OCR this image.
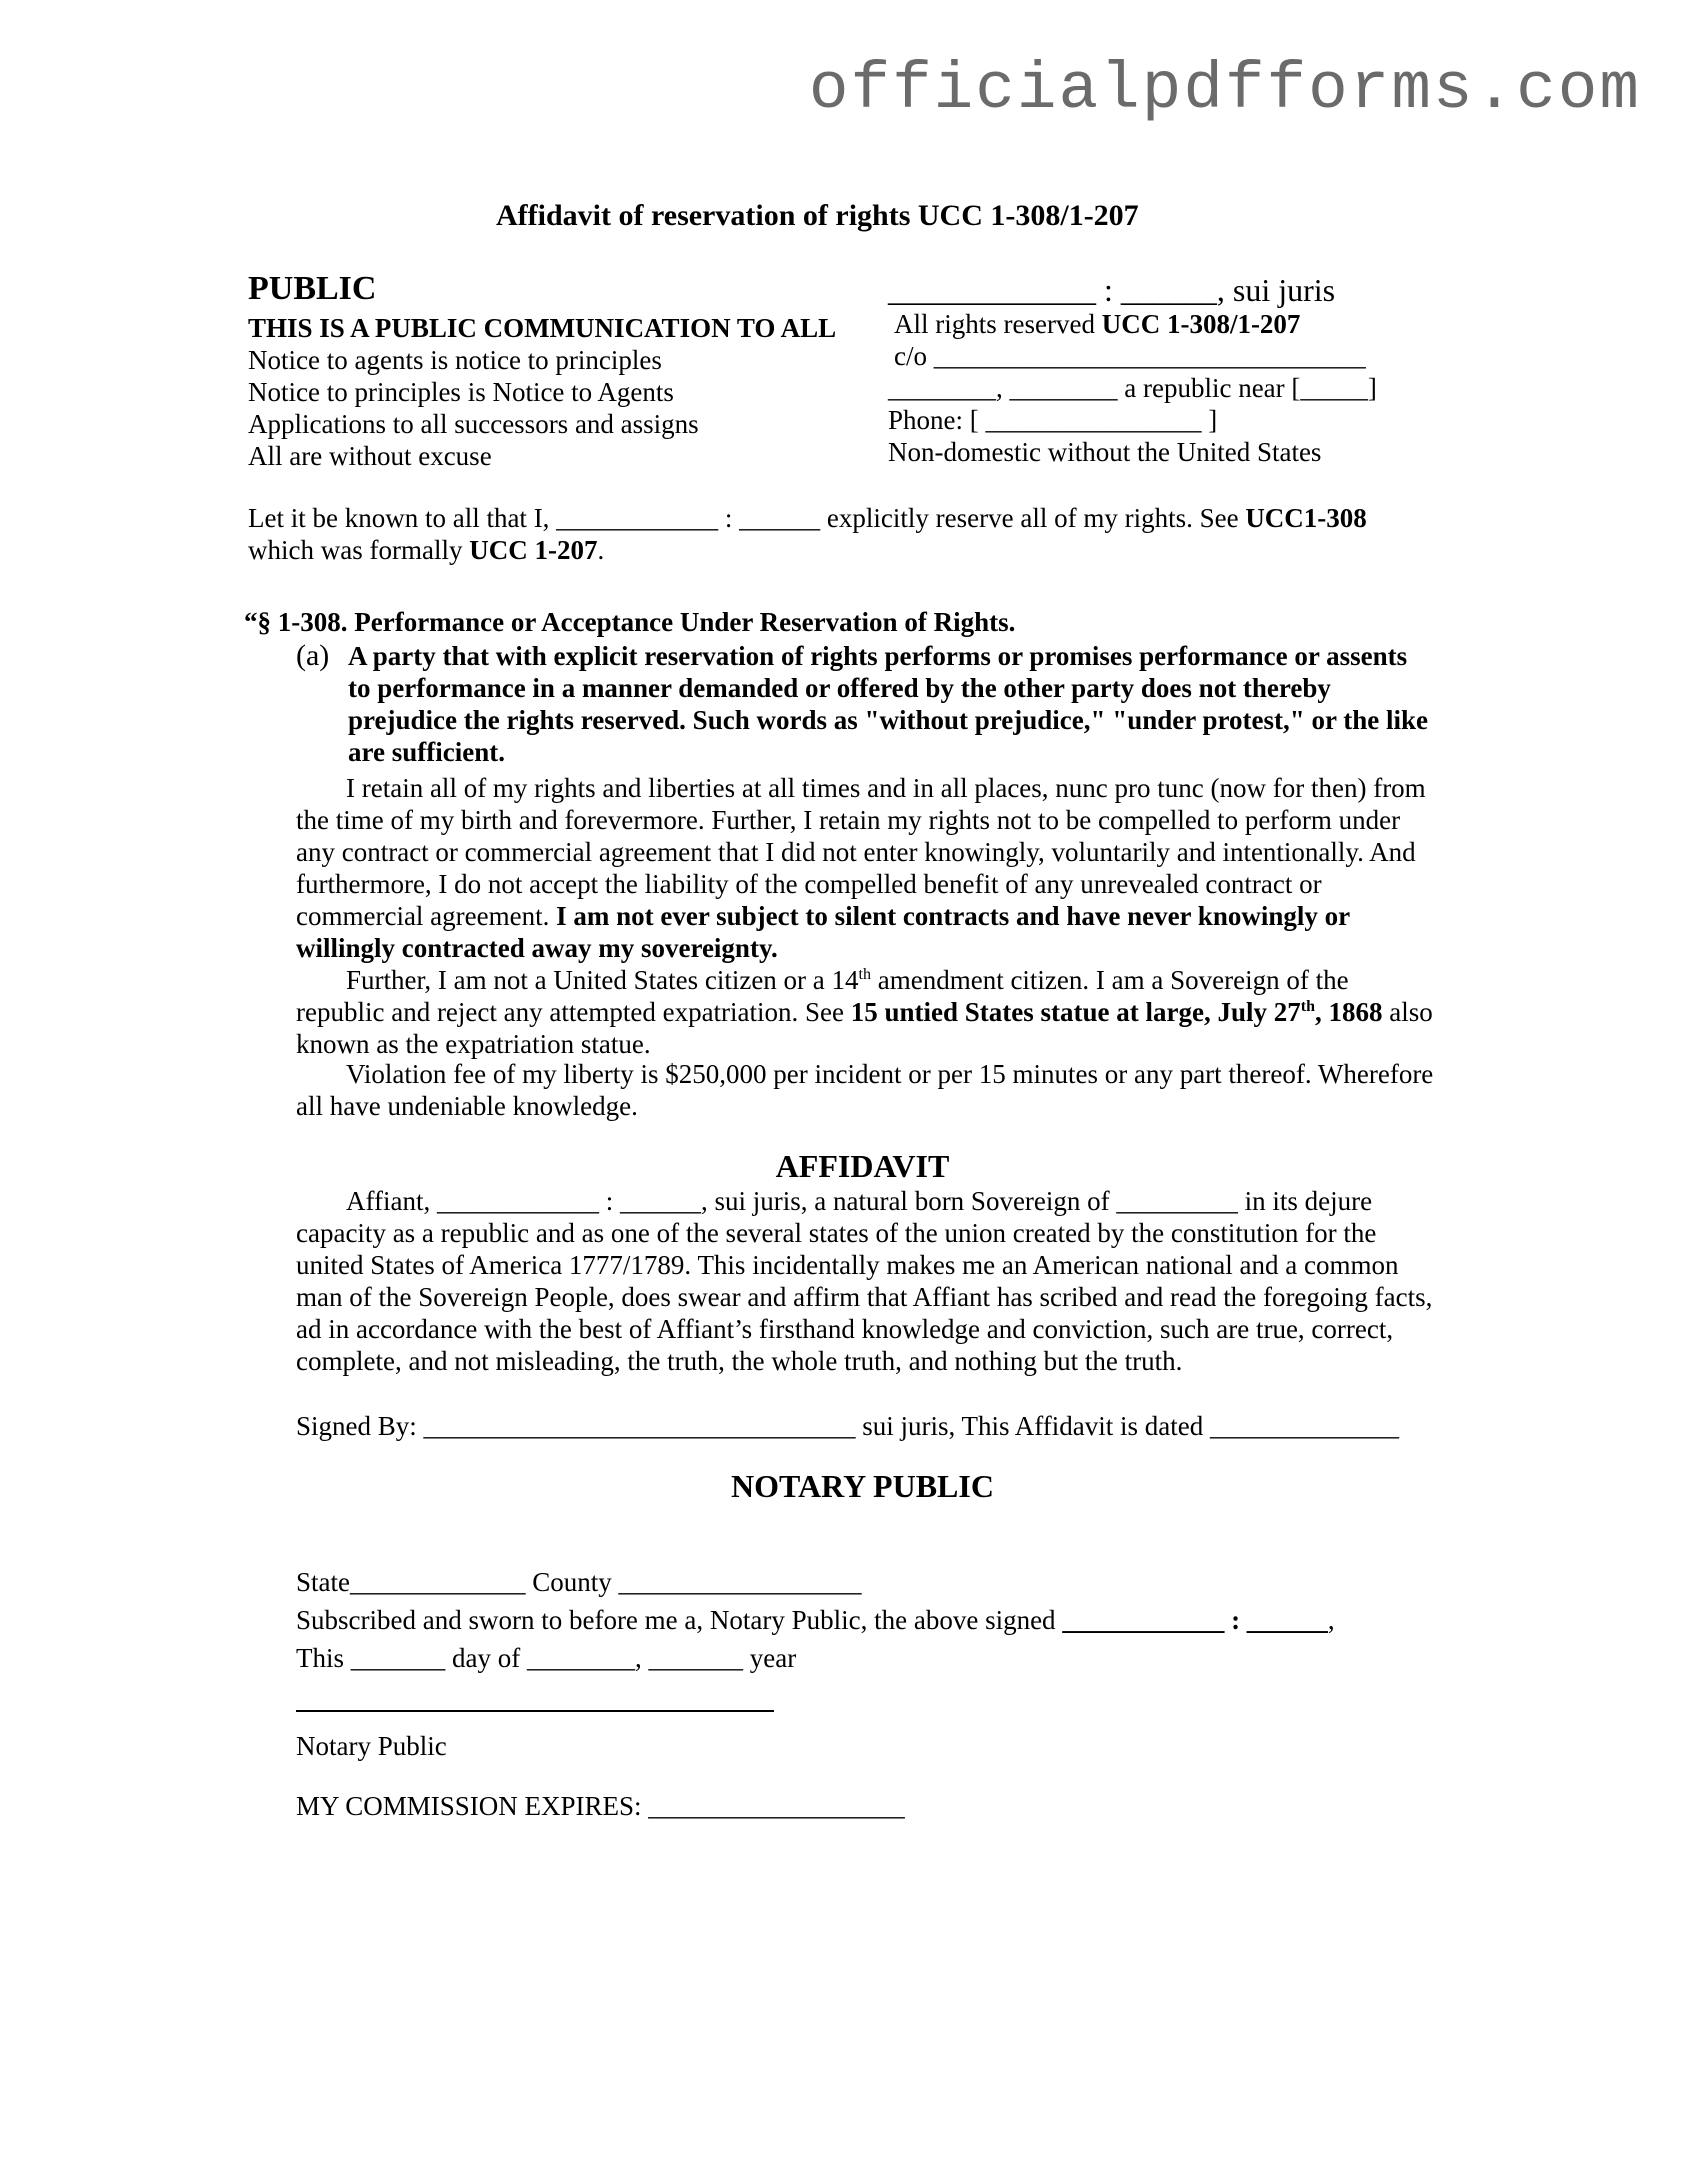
officialpdfforms.com
Affidavit of reservation of rights UCC 1-308/1-207
PUBLIC
THIS IS A PUBLIC COMMUNICATION TO ALL
Notice to agents is notice to principles
Notice to principles is Notice to Agents
Applications to all successors and assigns
All are without excuse
_____________ : ______, sui juris
All rights reserved UCC 1-308/1-207
c/o ________________________________
________, ________ a republic near [_____]
Phone: [ ________________ ]
Non-domestic without the United States
Let it be known to all that I, ____________ : ______ explicitly reserve all of my rights. See UCC1-308 which was formally UCC 1-207.
“§ 1-308. Performance or Acceptance Under Reservation of Rights.
(a) A party that with explicit reservation of rights performs or promises performance or assents to performance in a manner demanded or offered by the other party does not thereby prejudice the rights reserved. Such words as "without prejudice," "under protest," or the like are sufficient.
I retain all of my rights and liberties at all times and in all places, nunc pro tunc (now for then) from the time of my birth and forevermore. Further, I retain my rights not to be compelled to perform under any contract or commercial agreement that I did not enter knowingly, voluntarily and intentionally. And furthermore, I do not accept the liability of the compelled benefit of any unrevealed contract or commercial agreement. I am not ever subject to silent contracts and have never knowingly or willingly contracted away my sovereignty.
Further, I am not a United States citizen or a 14th amendment citizen. I am a Sovereign of the republic and reject any attempted expatriation. See 15 untied States statue at large, July 27th, 1868 also known as the expatriation statue.
Violation fee of my liberty is $250,000 per incident or per 15 minutes or any part thereof. Wherefore all have undeniable knowledge.
AFFIDAVIT
Affiant, ____________ : ______, sui juris, a natural born Sovereign of _________ in its dejure capacity as a republic and as one of the several states of the union created by the constitution for the united States of America 1777/1789. This incidentally makes me an American national and a common man of the Sovereign People, does swear and affirm that Affiant has scribed and read the foregoing facts, ad in accordance with the best of Affiant’s firsthand knowledge and conviction, such are true, correct, complete, and not misleading, the truth, the whole truth, and nothing but the truth.
Signed By: ________________________________ sui juris, This Affidavit is dated ______________
NOTARY PUBLIC
State_____________ County __________________
Subscribed and sworn to before me a, Notary Public, the above signed ____________ : ______,
This _______ day of ________, _______ year
Notary Public
MY COMMISSION EXPIRES: ___________________
